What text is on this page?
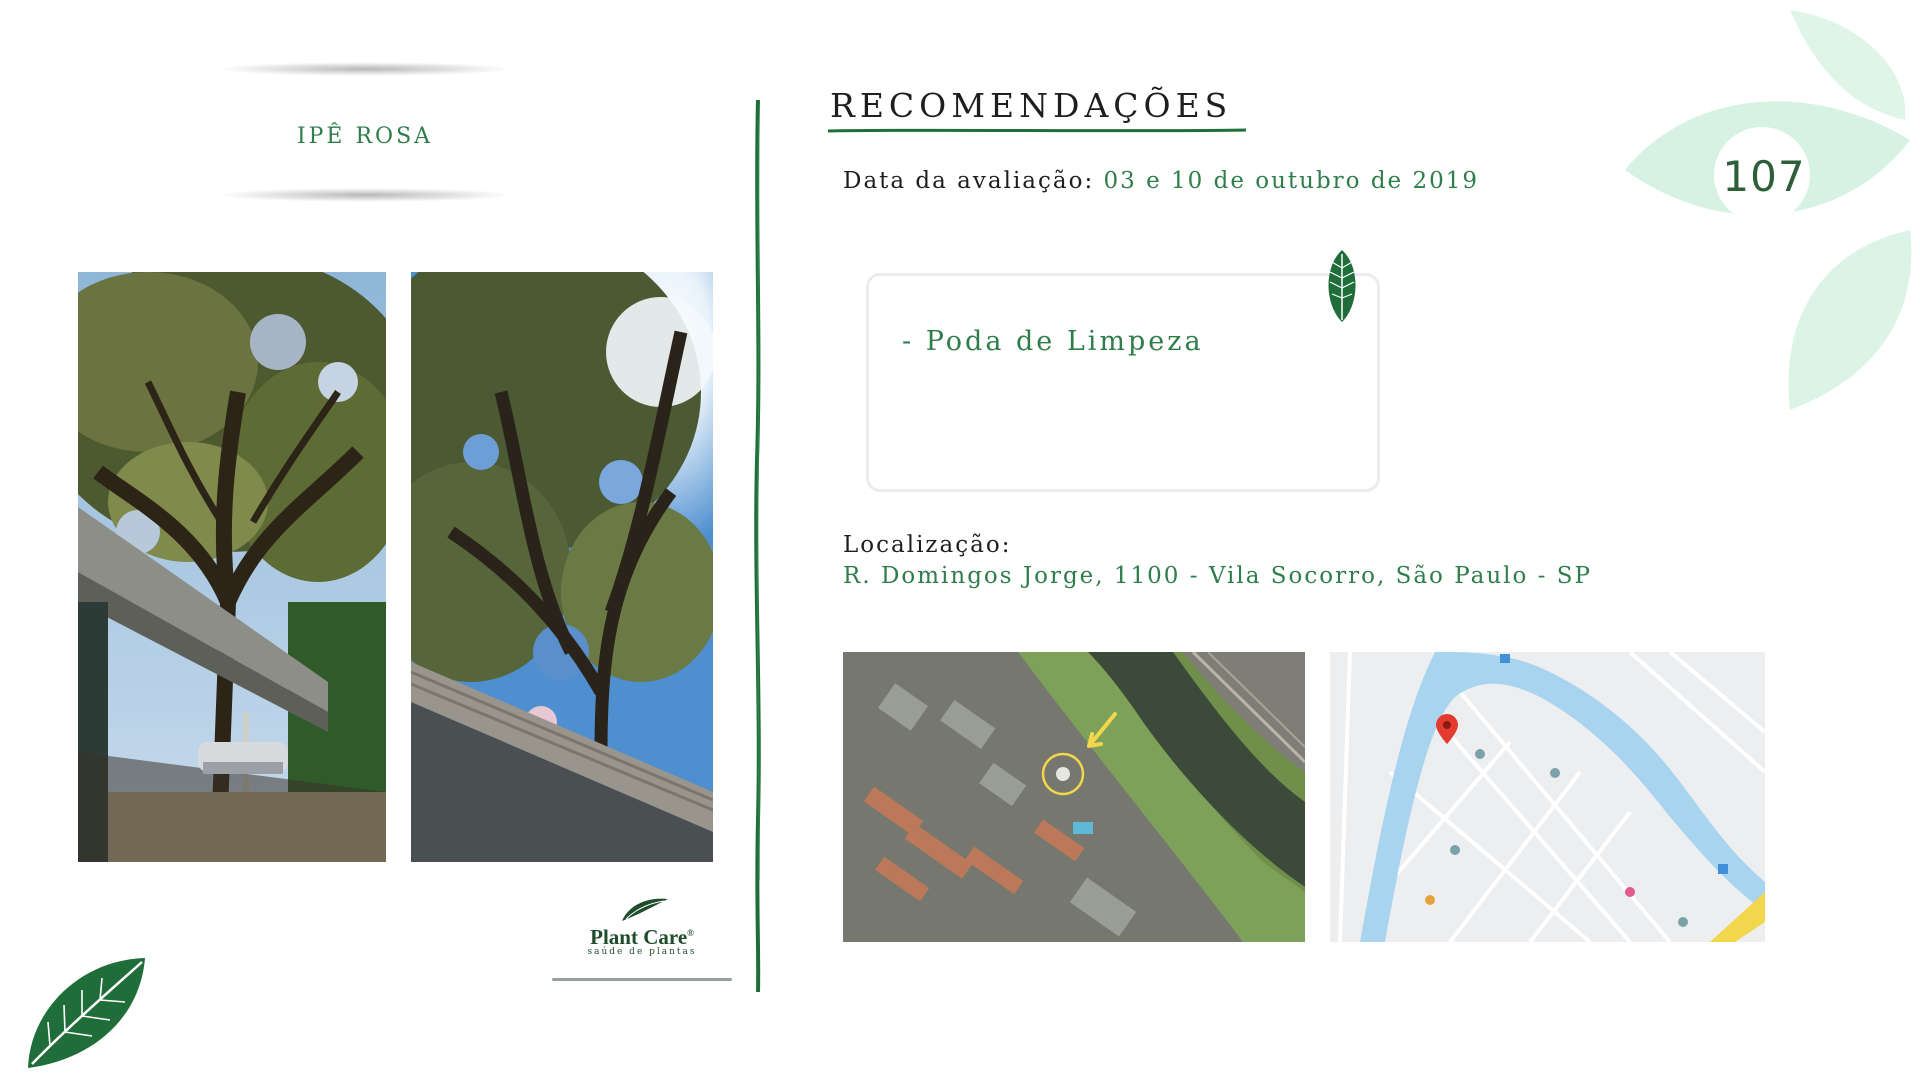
IPÊ ROSA
Plant Care®
saúde de plantas
RECOMENDAÇÕES
Data da avaliação: 03 e 10 de outubro de 2019
- Poda de Limpeza
Localização:
R. Domingos Jorge, 1100 - Vila Socorro, São Paulo - SP
107
